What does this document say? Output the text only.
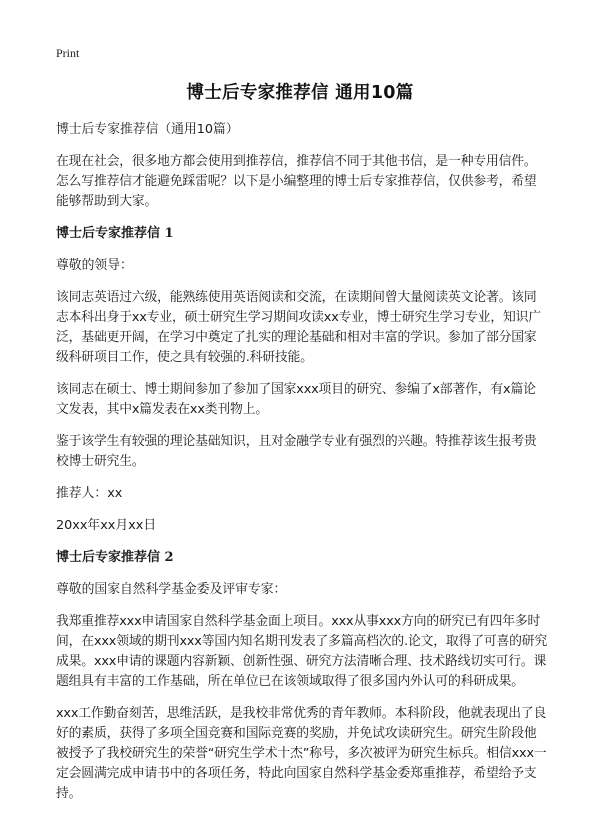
Print
博士后专家推荐信 通用10篇

博士后专家推荐信（通用10篇）

在现在社会，很多地方都会使用到推荐信，推荐信不同于其他书信，是一种专用信件。怎么写推荐信才能避免踩雷呢？以下是小编整理的博士后专家推荐信，仅供参考，希望能够帮助到大家。

博士后专家推荐信 1

尊敬的领导：

该同志英语过六级，能熟练使用英语阅读和交流，在读期间曾大量阅读英文论著。该同志本科出身于xx专业，硕士研究生学习期间攻读xx专业，博士研究生学习专业，知识广泛，基础更开阔，在学习中奠定了扎实的理论基础和相对丰富的学识。参加了部分国家级科研项目工作，使之具有较强的.科研技能。

该同志在硕士、博士期间参加了参加了国家xxx项目的研究、参编了x部著作，有x篇论文发表，其中x篇发表在xx类刊物上。

鉴于该学生有较强的理论基础知识，且对金融学专业有强烈的兴趣。特推荐该生报考贵校博士研究生。

推荐人：xx

20xx年xx月xx日

博士后专家推荐信 2

尊敬的国家自然科学基金委及评审专家：

我郑重推荐xxx申请国家自然科学基金面上项目。xxx从事xxx方向的研究已有四年多时间，在xxx领域的期刊xxx等国内知名期刊发表了多篇高档次的.论文，取得了可喜的研究成果。xxx申请的课题内容新颖、创新性强、研究方法清晰合理、技术路线切实可行。课题组具有丰富的工作基础，所在单位已在该领域取得了很多国内外认可的科研成果。

xxx工作勤奋刻苦，思维活跃，是我校非常优秀的青年教师。本科阶段，他就表现出了良好的素质，获得了多项全国竞赛和国际竞赛的奖励，并免试攻读研究生。研究生阶段他被授予了我校研究生的荣誉“研究生学术十杰”称号，多次被评为研究生标兵。相信xxx一定会圆满完成申请书中的各项任务，特此向国家自然科学基金委郑重推荐，希望给予支持。
